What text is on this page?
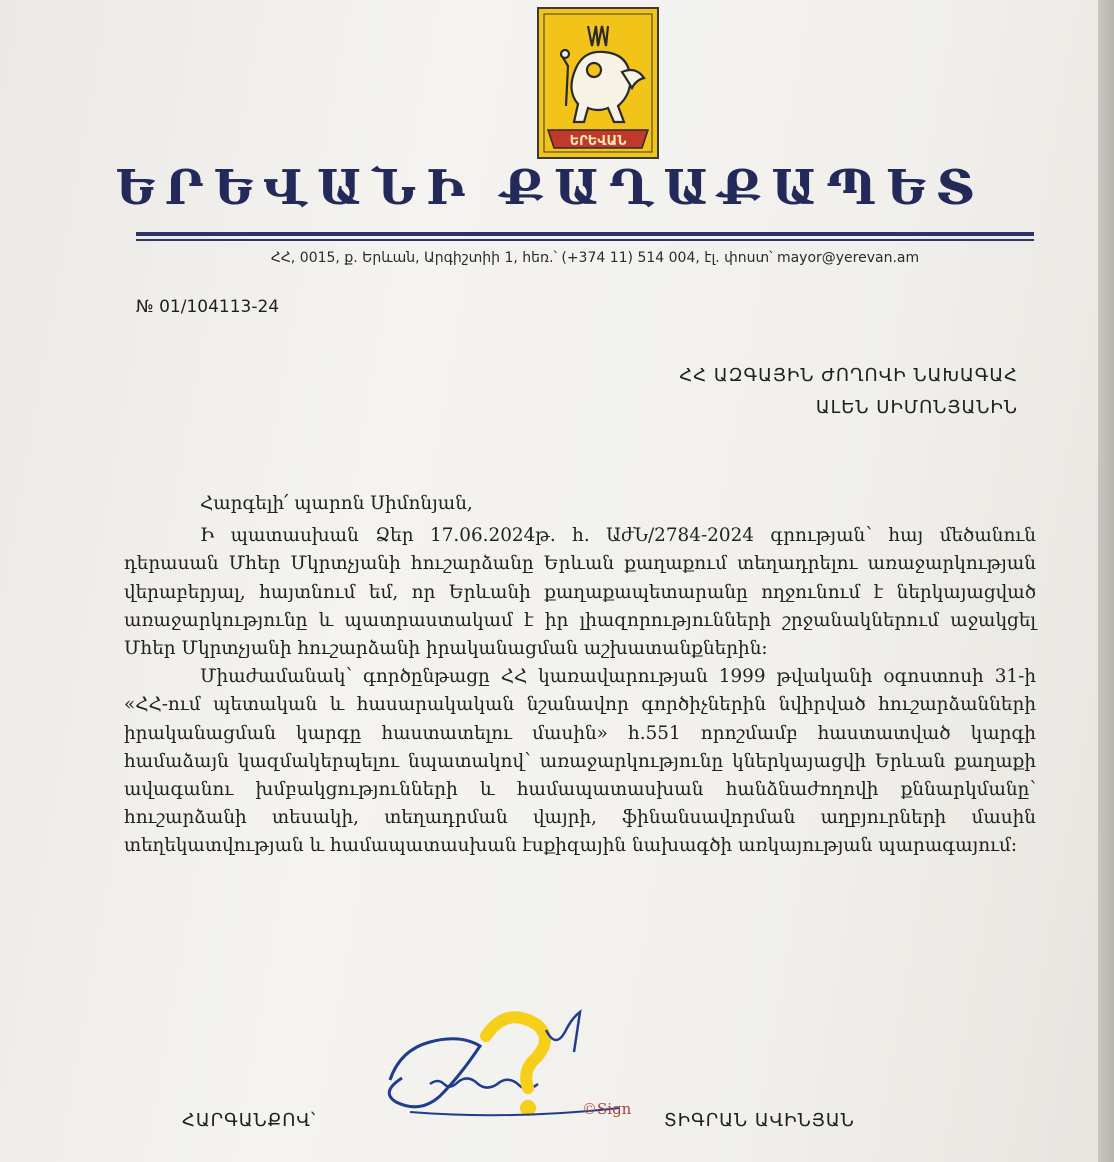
ԵՐԵՎԱՆ
ԵՐԵՎԱՆԻ ՔԱՂԱՔԱՊԵՏ
ՀՀ, 0015, ք. Երևան, Արգիշտիի 1, հեռ.՝ (+374 11) 514 004, էլ. փոստ՝ mayor@yerevan.am
№ 01/104113-24
ՀՀ ԱԶԳԱՅԻՆ ԺՈՂՈՎԻ ՆԱԽԱԳԱՀ
ԱԼԵՆ ՍԻՄՈՆՅԱՆԻՆ

Հարգելի՛ պարոն Սիմոնյան,

Ի պատասխան Ձեր 17.06.2024թ. հ. ԱժՆ/2784-2024 գրության՝ հայ մեծանուն դերասան Մհեր Մկրտչյանի հուշարձանը Երևան քաղաքում տեղադրելու առաջարկության վերաբերյալ, հայտնում եմ, որ Երևանի քաղաքապետարանը ողջունում է ներկայացված առաջարկությունը և պատրաստակամ է իր լիազորությունների շրջանակներում աջակցել Մհեր Մկրտչյանի հուշարձանի իրականացման աշխատանքներին:

Միաժամանակ՝ գործընթացը ՀՀ կառավարության 1999 թվականի օգոստոսի 31-ի «ՀՀ-ում պետական և հասարակական նշանավոր գործիչներին նվիրված հուշարձանների իրականացման կարգը հաստատելու մասին» հ.551 որոշմամբ հաստատված կարգի համաձայն կազմակերպելու նպատակով՝ առաջարկությունը կներկայացվի Երևան քաղաքի ավագանու խմբակցությունների և համապատասխան հանձնաժողովի քննարկմանը՝ հուշարձանի տեսակի, տեղադրման վայրի, ֆինանսավորման աղբյուրների մասին տեղեկատվության և համապատասխան էսքիզային նախագծի առկայության պարագայում:

ՀԱՐԳԱՆՔՈՎ՝
©Sign
ՏԻԳՐԱՆ ԱՎԻՆՅԱՆ
